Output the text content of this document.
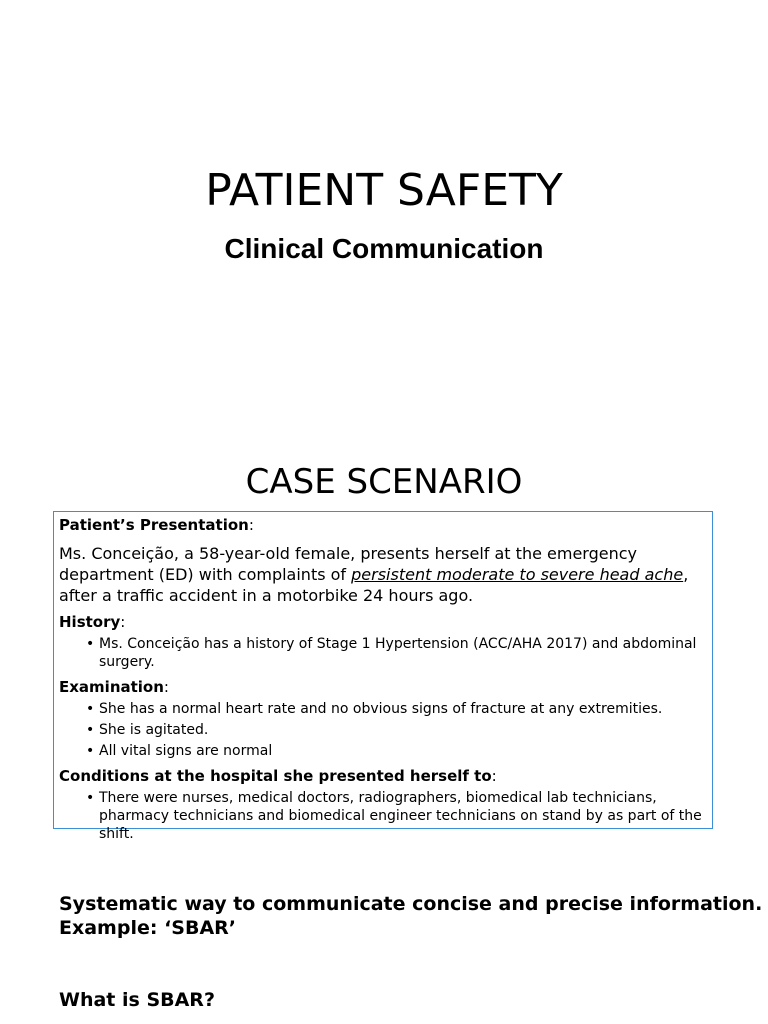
PATIENT SAFETY
Clinical Communication
CASE SCENARIO

Patient’s Presentation:

Ms. Conceição, a 58-year-old female, presents herself at the emergency department (ED) with complaints of persistent moderate to severe head ache, after a traffic accident in a motorbike 24 hours ago.

History:

• Ms. Conceição has a history of Stage 1 Hypertension (ACC/AHA 2017) and abdominal surgery.

Examination:

• She has a normal heart rate and no obvious signs of fracture at any extremities.
• She is agitated.
• All vital signs are normal

Conditions at the hospital she presented herself to:

• There were nurses, medical doctors, radiographers, biomedical lab technicians, pharmacy technicians and biomedical engineer technicians on stand by as part of the shift.
Systematic way to communicate concise and precise information.
Example: ‘SBAR’
What is SBAR?
